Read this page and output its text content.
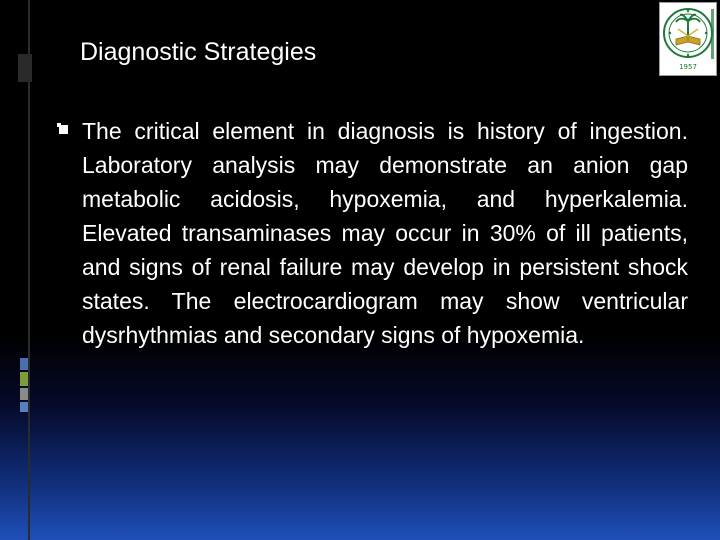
Diagnostic Strategies
1957

The critical element in diagnosis is history of ingestion. Laboratory analysis may demonstrate an anion gap metabolic acidosis, hypoxemia, and hyperkalemia. Elevated transaminases may occur in 30% of ill patients, and signs of renal failure may develop in persistent shock states. The electrocardiogram may show ventricular dysrhythmias and secondary signs of hypoxemia.
